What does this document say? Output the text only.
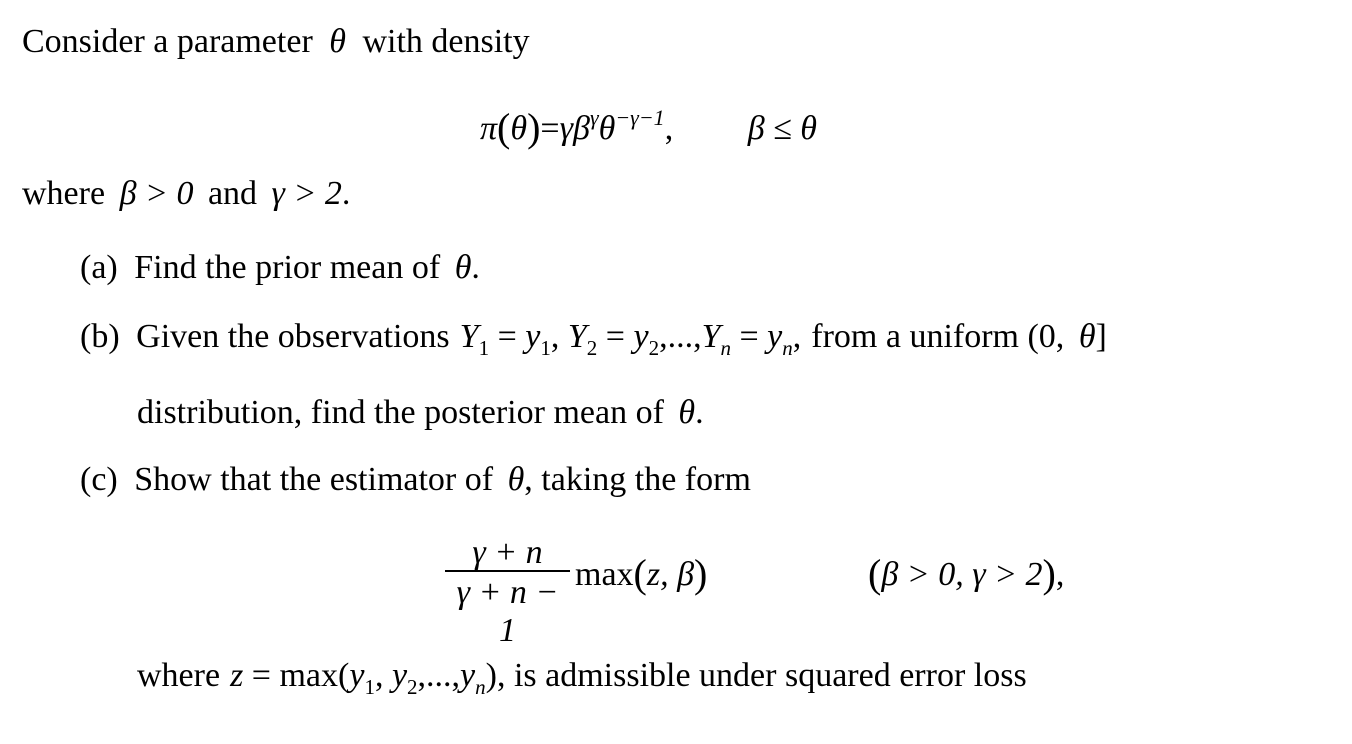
Consider a parameter θ with density
$\pi(\theta)=\gamma\beta^\gamma\theta^{-\gamma-1}$, β ≤ θ
where β > 0 and γ > 2.
(a) Find the prior mean of θ.
(b) Given the observations $Y_1 = y_1$, $Y_2 = y_2,...,Y_n = y_n$, from a uniform (0, θ]
distribution, find the posterior mean of θ.
(c) Show that the estimator of θ, taking the form
γ + n
γ + n − 1
max(z, β)	(β > 0, γ > 2),
where $z = \max(y_1$, $y_2,...,y_n$), is admissible under squared error loss
